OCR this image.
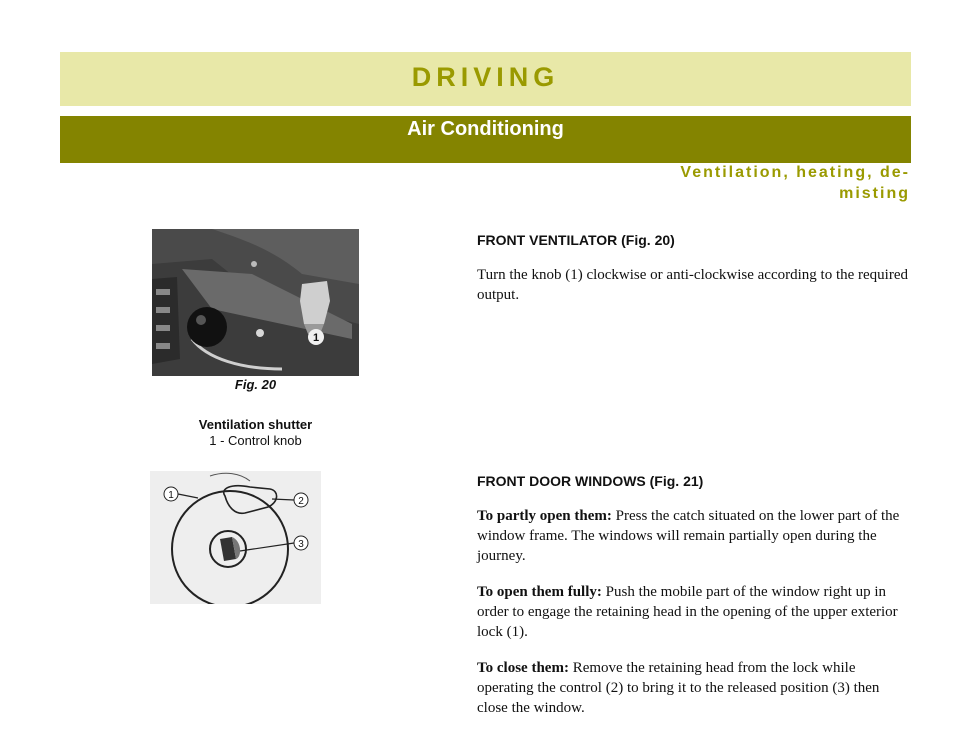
DRIVING
Air Conditioning
Ventilation, heating, de-misting
1
Fig. 20
Ventilation shutter
1 - Control knob
1
2
3
FRONT VENTILATOR (Fig. 20)
Turn the knob (1) clockwise or anti-clockwise according to the required output.
FRONT DOOR WINDOWS (Fig. 21)
To partly open them: Press the catch situated on the lower part of the window frame. The windows will remain partially open during the journey.
To open them fully: Push the mobile part of the window right up in order to engage the retaining head in the opening of the upper exterior lock (1).
To close them: Remove the retaining head from the lock while operating the control (2) to bring it to the released position (3) then close the window.
